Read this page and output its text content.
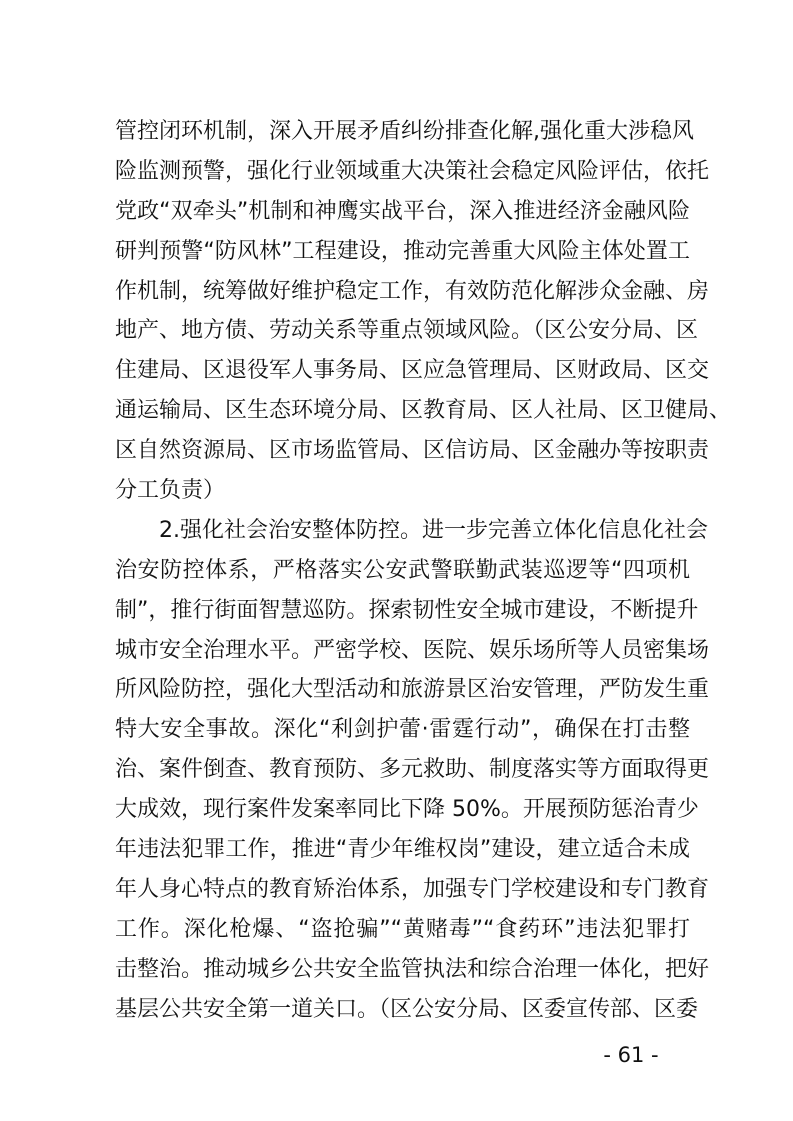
管控闭环机制，深入开展矛盾纠纷排查化解,强化重大涉稳风
险监测预警，强化行业领域重大决策社会稳定风险评估，依托
党政“双牵头”机制和神鹰实战平台，深入推进经济金融风险
研判预警“防风林”工程建设，推动完善重大风险主体处置工
作机制，统筹做好维护稳定工作，有效防范化解涉众金融、房
地产、地方债、劳动关系等重点领域风险。（区公安分局、区
住建局、区退役军人事务局、区应急管理局、区财政局、区交
通运输局、区生态环境分局、区教育局、区人社局、区卫健局、
区自然资源局、区市场监管局、区信访局、区金融办等按职责
分工负责）
2.强化社会治安整体防控。进一步完善立体化信息化社会
治安防控体系，严格落实公安武警联勤武装巡逻等“四项机
制”，推行街面智慧巡防。探索韧性安全城市建设，不断提升
城市安全治理水平。严密学校、医院、娱乐场所等人员密集场
所风险防控，强化大型活动和旅游景区治安管理，严防发生重
特大安全事故。深化“利剑护蕾·雷霆行动”，确保在打击整
治、案件倒查、教育预防、多元救助、制度落实等方面取得更
大成效，现行案件发案率同比下降 50%。开展预防惩治青少
年违法犯罪工作，推进“青少年维权岗”建设，建立适合未成
年人身心特点的教育矫治体系，加强专门学校建设和专门教育
工作。深化枪爆、“盗抢骗”“黄赌毒”“食药环”违法犯罪打
击整治。推动城乡公共安全监管执法和综合治理一体化，把好
基层公共安全第一道关口。（区公安分局、区委宣传部、区委
- 61 -
